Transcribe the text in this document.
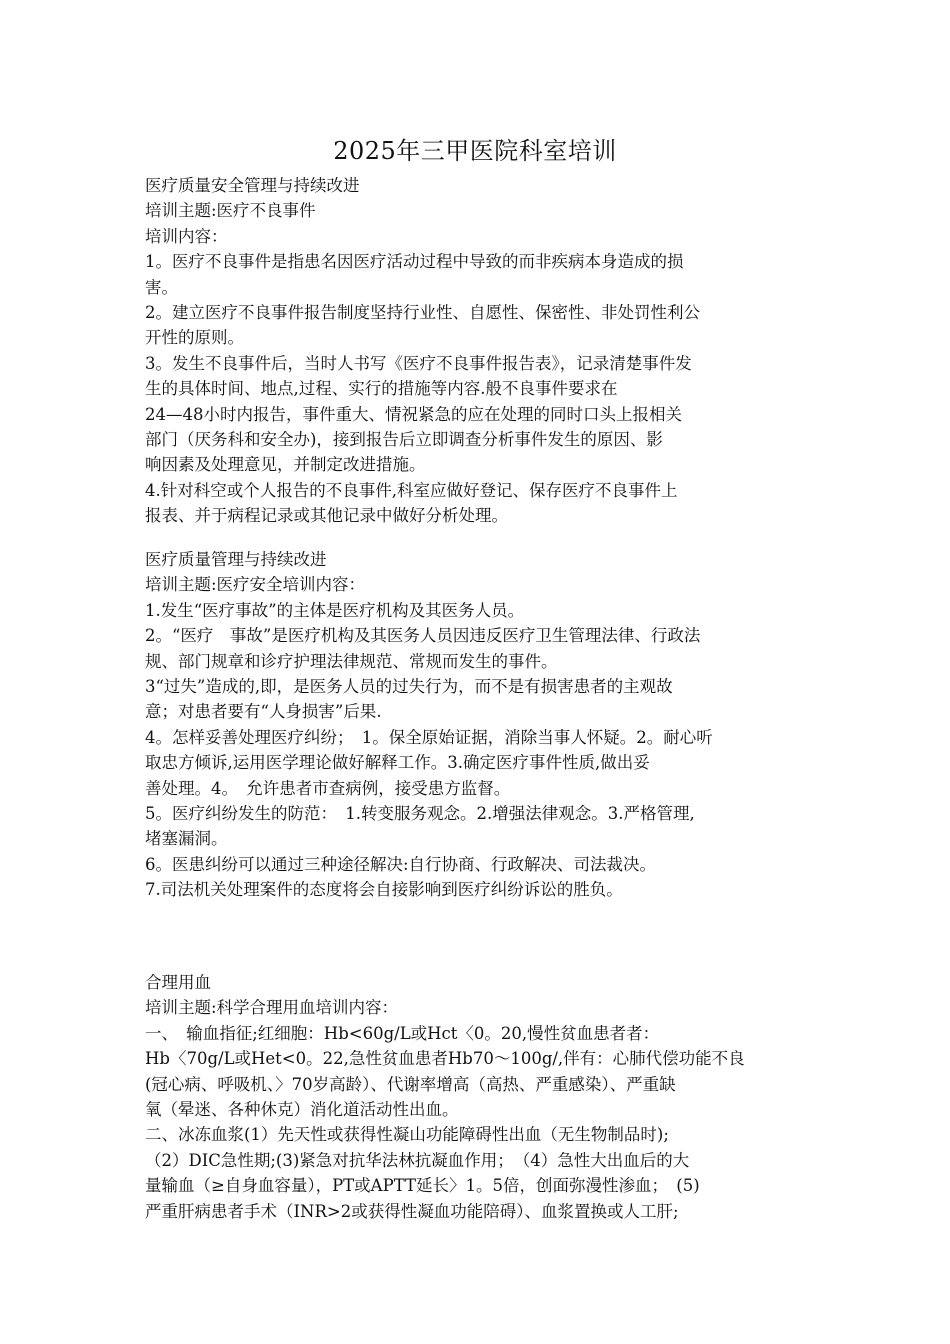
2025年三甲医院科室培训
医疗质量安全管理与持续改进
培训主题:医疗不良事件
培训内容：
1。医疗不良事件是指患名因医疗活动过程中导致的而非疾病本身造成的损
害。
2。建立医疗不良事件报告制度坚持行业性、自愿性、保密性、非处罚性利公
开性的原则。
3。发生不良事件后，当时人书写《医疗不良事件报告表》，记录清楚事件发
生的具体时间、地点,过程、实行的措施等内容.般不良事件要求在
24—48小时内报告，事件重大、情祝紧急的应在处理的同时口头上报相关
部门（厌务科和安全办)，接到报告后立即调查分析事件发生的原因、影
响因素及处理意见，并制定改进措施。
4.针对科空或个人报告的不良事件,科室应做好登记、保存医疗不良事件上
报表、并于病程记录或其他记录中做好分析处理。
医疗质量管理与持续改进
培训主题:医疗安全培训内容：
1.发生“医疗事故”的主体是医疗机构及其医务人员。
2。“医疗　事故”是医疗机构及其医务人员因违反医疗卫生管理法律、行政法
规、部门规章和诊疗护理法律规范、常规而发生的事件。
3“过失”造成的,即，是医务人员的过失行为，而不是有损害患者的主观故
意；对患者要有“人身损害”后果.
4。怎样妥善处理医疗纠纷；　1。保全原始证据，消除当事人怀疑。2。耐心听
取忠方倾诉,运用医学理论做好解释工作。3.确定医疗事件性质,做出妥
善处理。4。　允许患者市查病例，接受患方监督。
5。医疗纠纷发生的防范：　1.转变服务观念。2.增强法律观念。3.严格管理,
堵塞漏洞。
6。医患纠纷可以通过三种途径解决:自行协商、行政解决、司法裁决。
7.司法机关处理案件的态度将会自接影响到医疗纠纷诉讼的胜负。
合理用血
培训主题:科学合理用血培训内容：
一、　输血指征;红细胞：Hb<60g/L或Hct〈0。20,慢性贫血患者者：
Hb〈70g/L或Het<0。22,急性贫血患者Hb70～100g/,伴有：心肺代偿功能不良
(冠心病、呼吸机、〉70岁高龄）、代谢率增高（高热、严重感染）、严重缺
氧（晕迷、各种休克）消化道活动性出血。
二、冰冻血浆(1）先天性或获得性凝山功能障碍性出血（无生物制品时);
（2）DIC急性期;(3)紧急对抗华法林抗凝血作用；　（4）急性大出血后的大
量输血（≥自身血容量），PT或APTT延长〉1。5倍，创面弥漫性渗血；　(5)
严重肝病患者手术（INR>2或获得性凝血功能陪碍）、血浆置换或人工肝;
